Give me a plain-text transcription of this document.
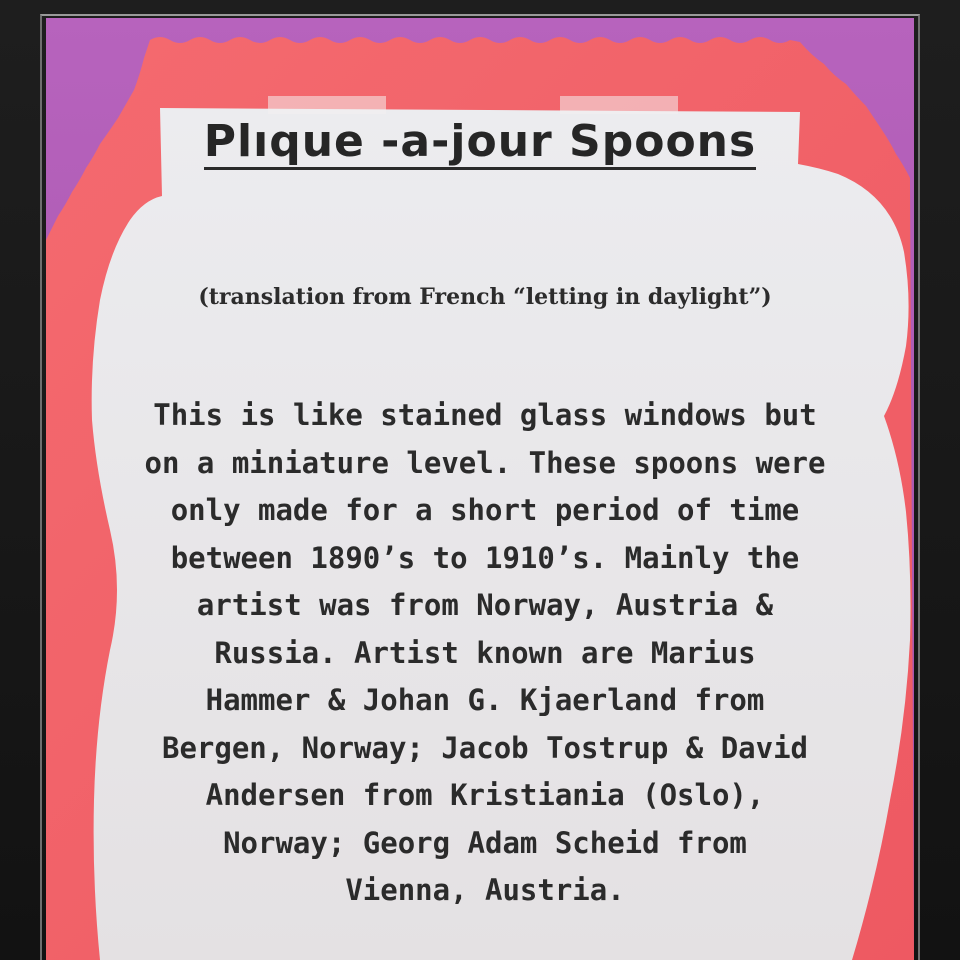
Plıque -a-jour Spoons

(translation from French “letting in daylight”)

This is like stained glass windows but
on a miniature level. These spoons were
only made for a short period of time
between 1890’s to 1910’s. Mainly the
artist was from Norway, Austria &
Russia. Artist known are Marius
Hammer & Johan G. Kjaerland from
Bergen, Norway; Jacob Tostrup & David
Andersen from Kristiania (Oslo),
Norway; Georg Adam Scheid from
Vienna, Austria.
